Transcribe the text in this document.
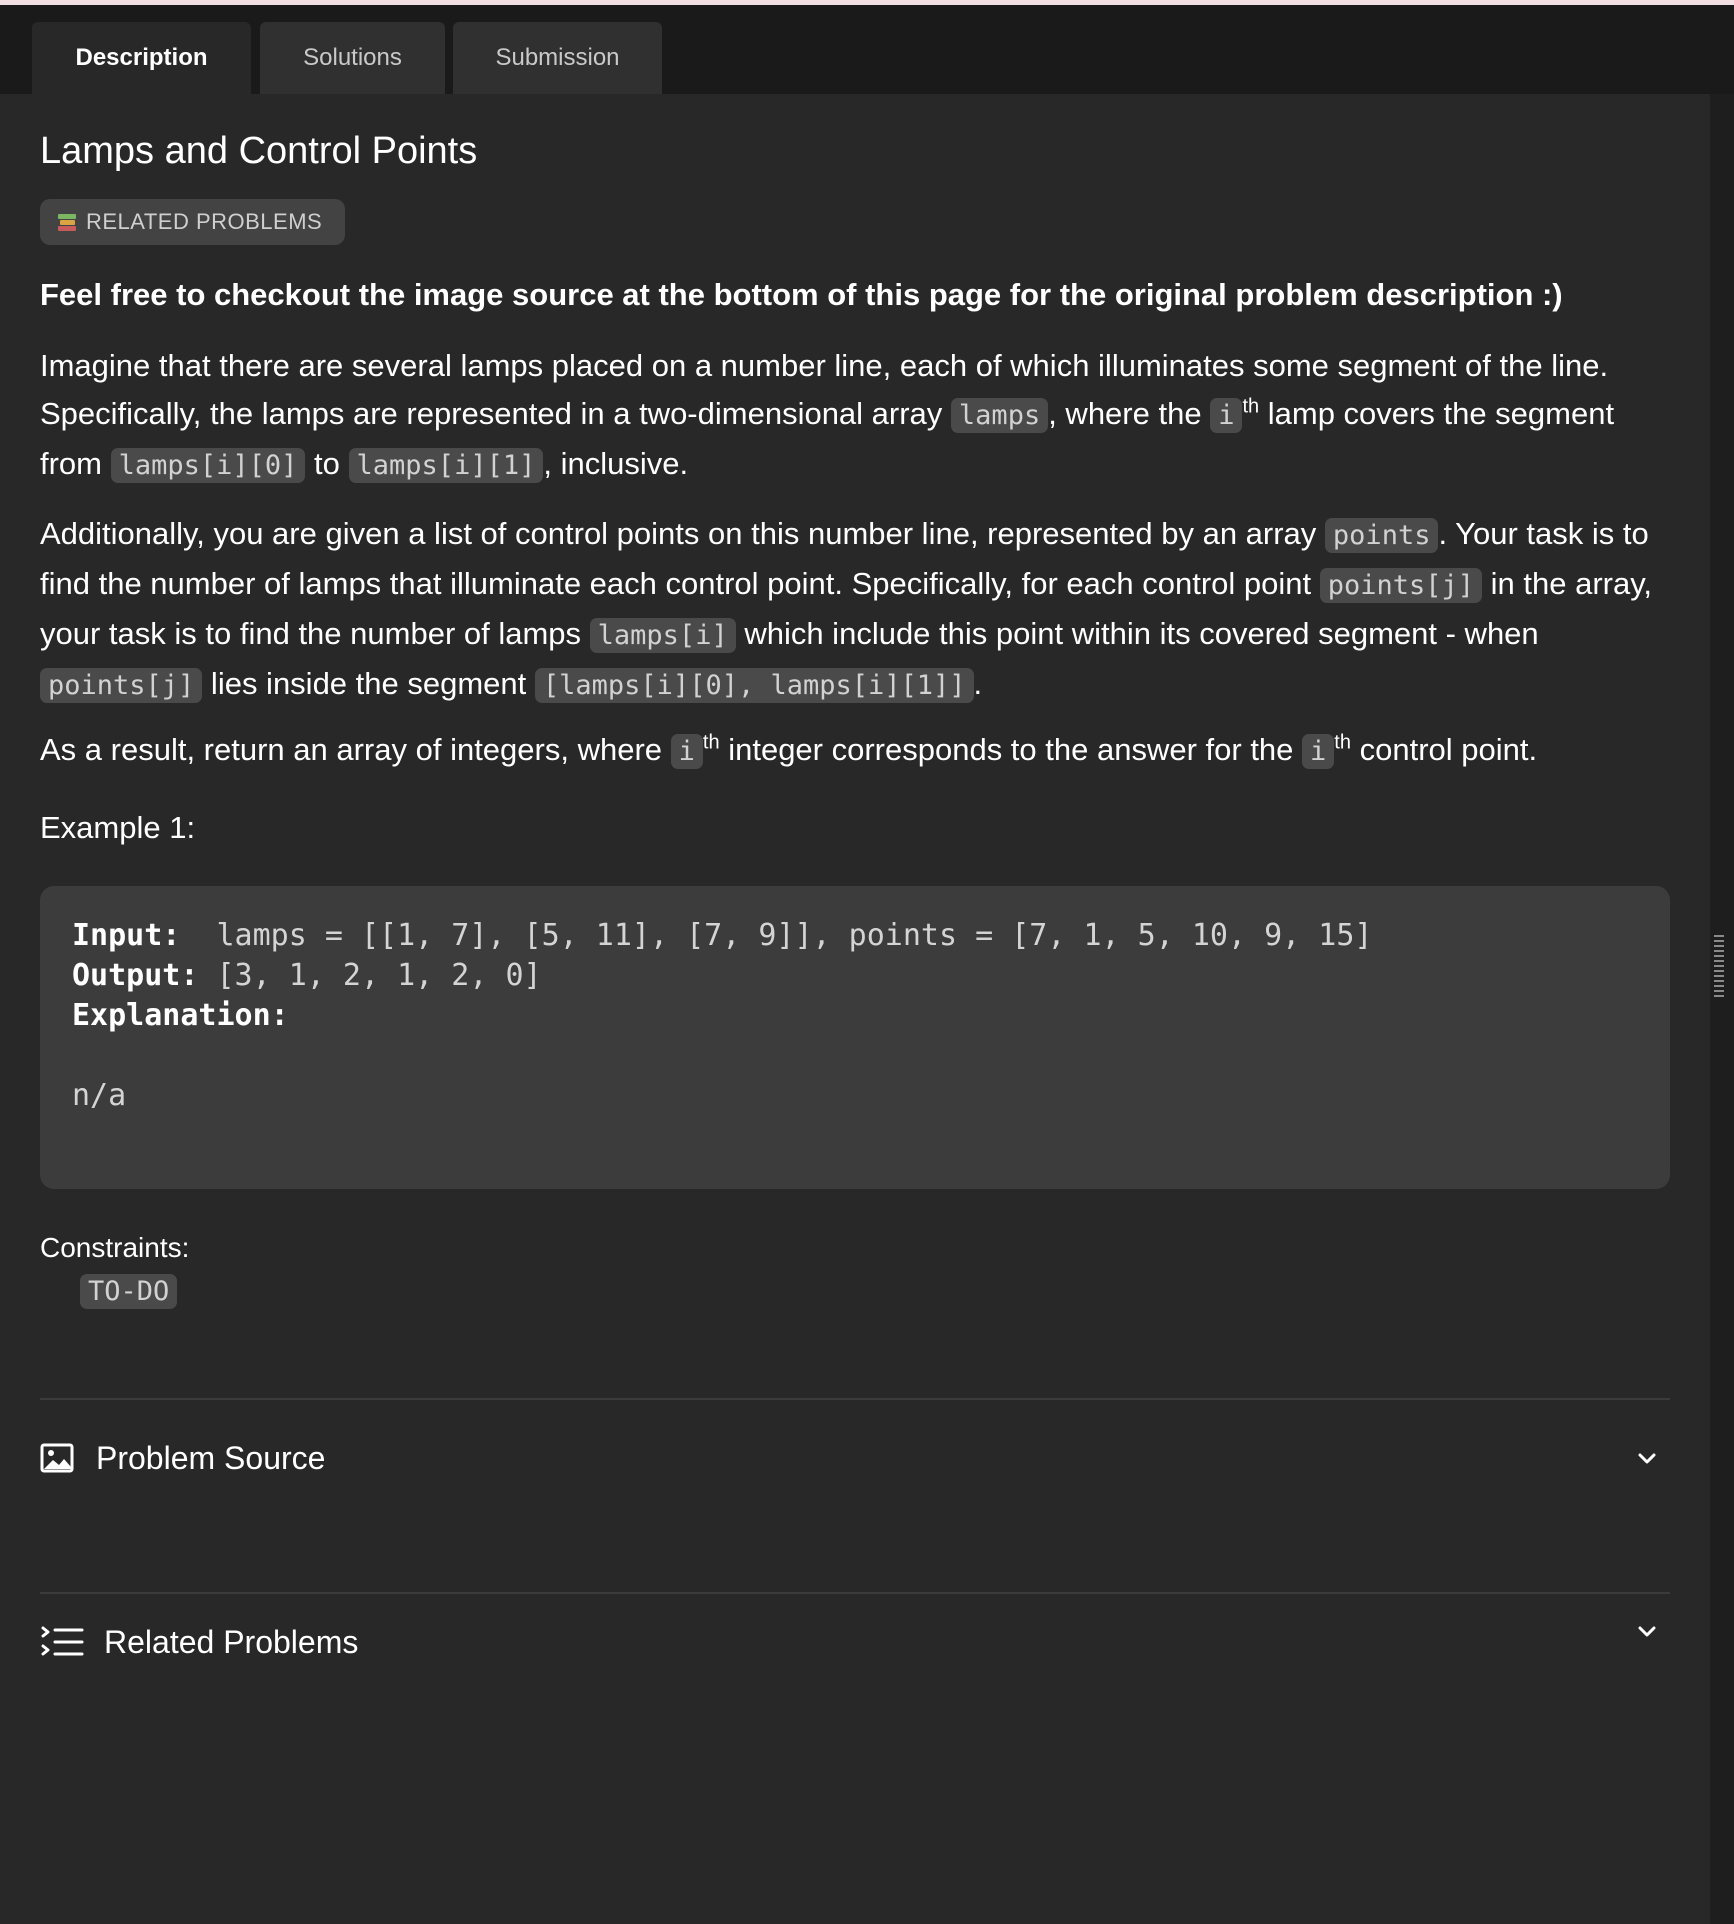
Description	Solutions	Submission
Lamps and Control Points
RELATED PROBLEMS
Feel free to checkout the image source at the bottom of this page for the original problem description :)
Imagine that there are several lamps placed on a number line, each of which illuminates some segment of the line. Specifically, the lamps are represented in a two-dimensional array lamps , where the i $^{th}$ lamp covers the segment from lamps[i][0] to lamps[i][1] , inclusive.
Additionally, you are given a list of control points on this number line, represented by an array points . Your task is to find the number of lamps that illuminate each control point. Specifically, for each control point points[j] in the array, your task is to find the number of lamps lamps[i] which include this point within its covered segment - when points[j] lies inside the segment [lamps[i][0], lamps[i][1]] .
As a result, return an array of integers, where i $^{th}$ integer corresponds to the answer for the i $^{th}$ control point.
Example 1:
Input: lamps = [[1, 7], [5, 11], [7, 9]], points = [7, 1, 5, 10, 9, 15]
Output: [3, 1, 2, 1, 2, 0]
Explanation:
n/a
Constraints:
TO-DO
Problem Source
Related Problems
